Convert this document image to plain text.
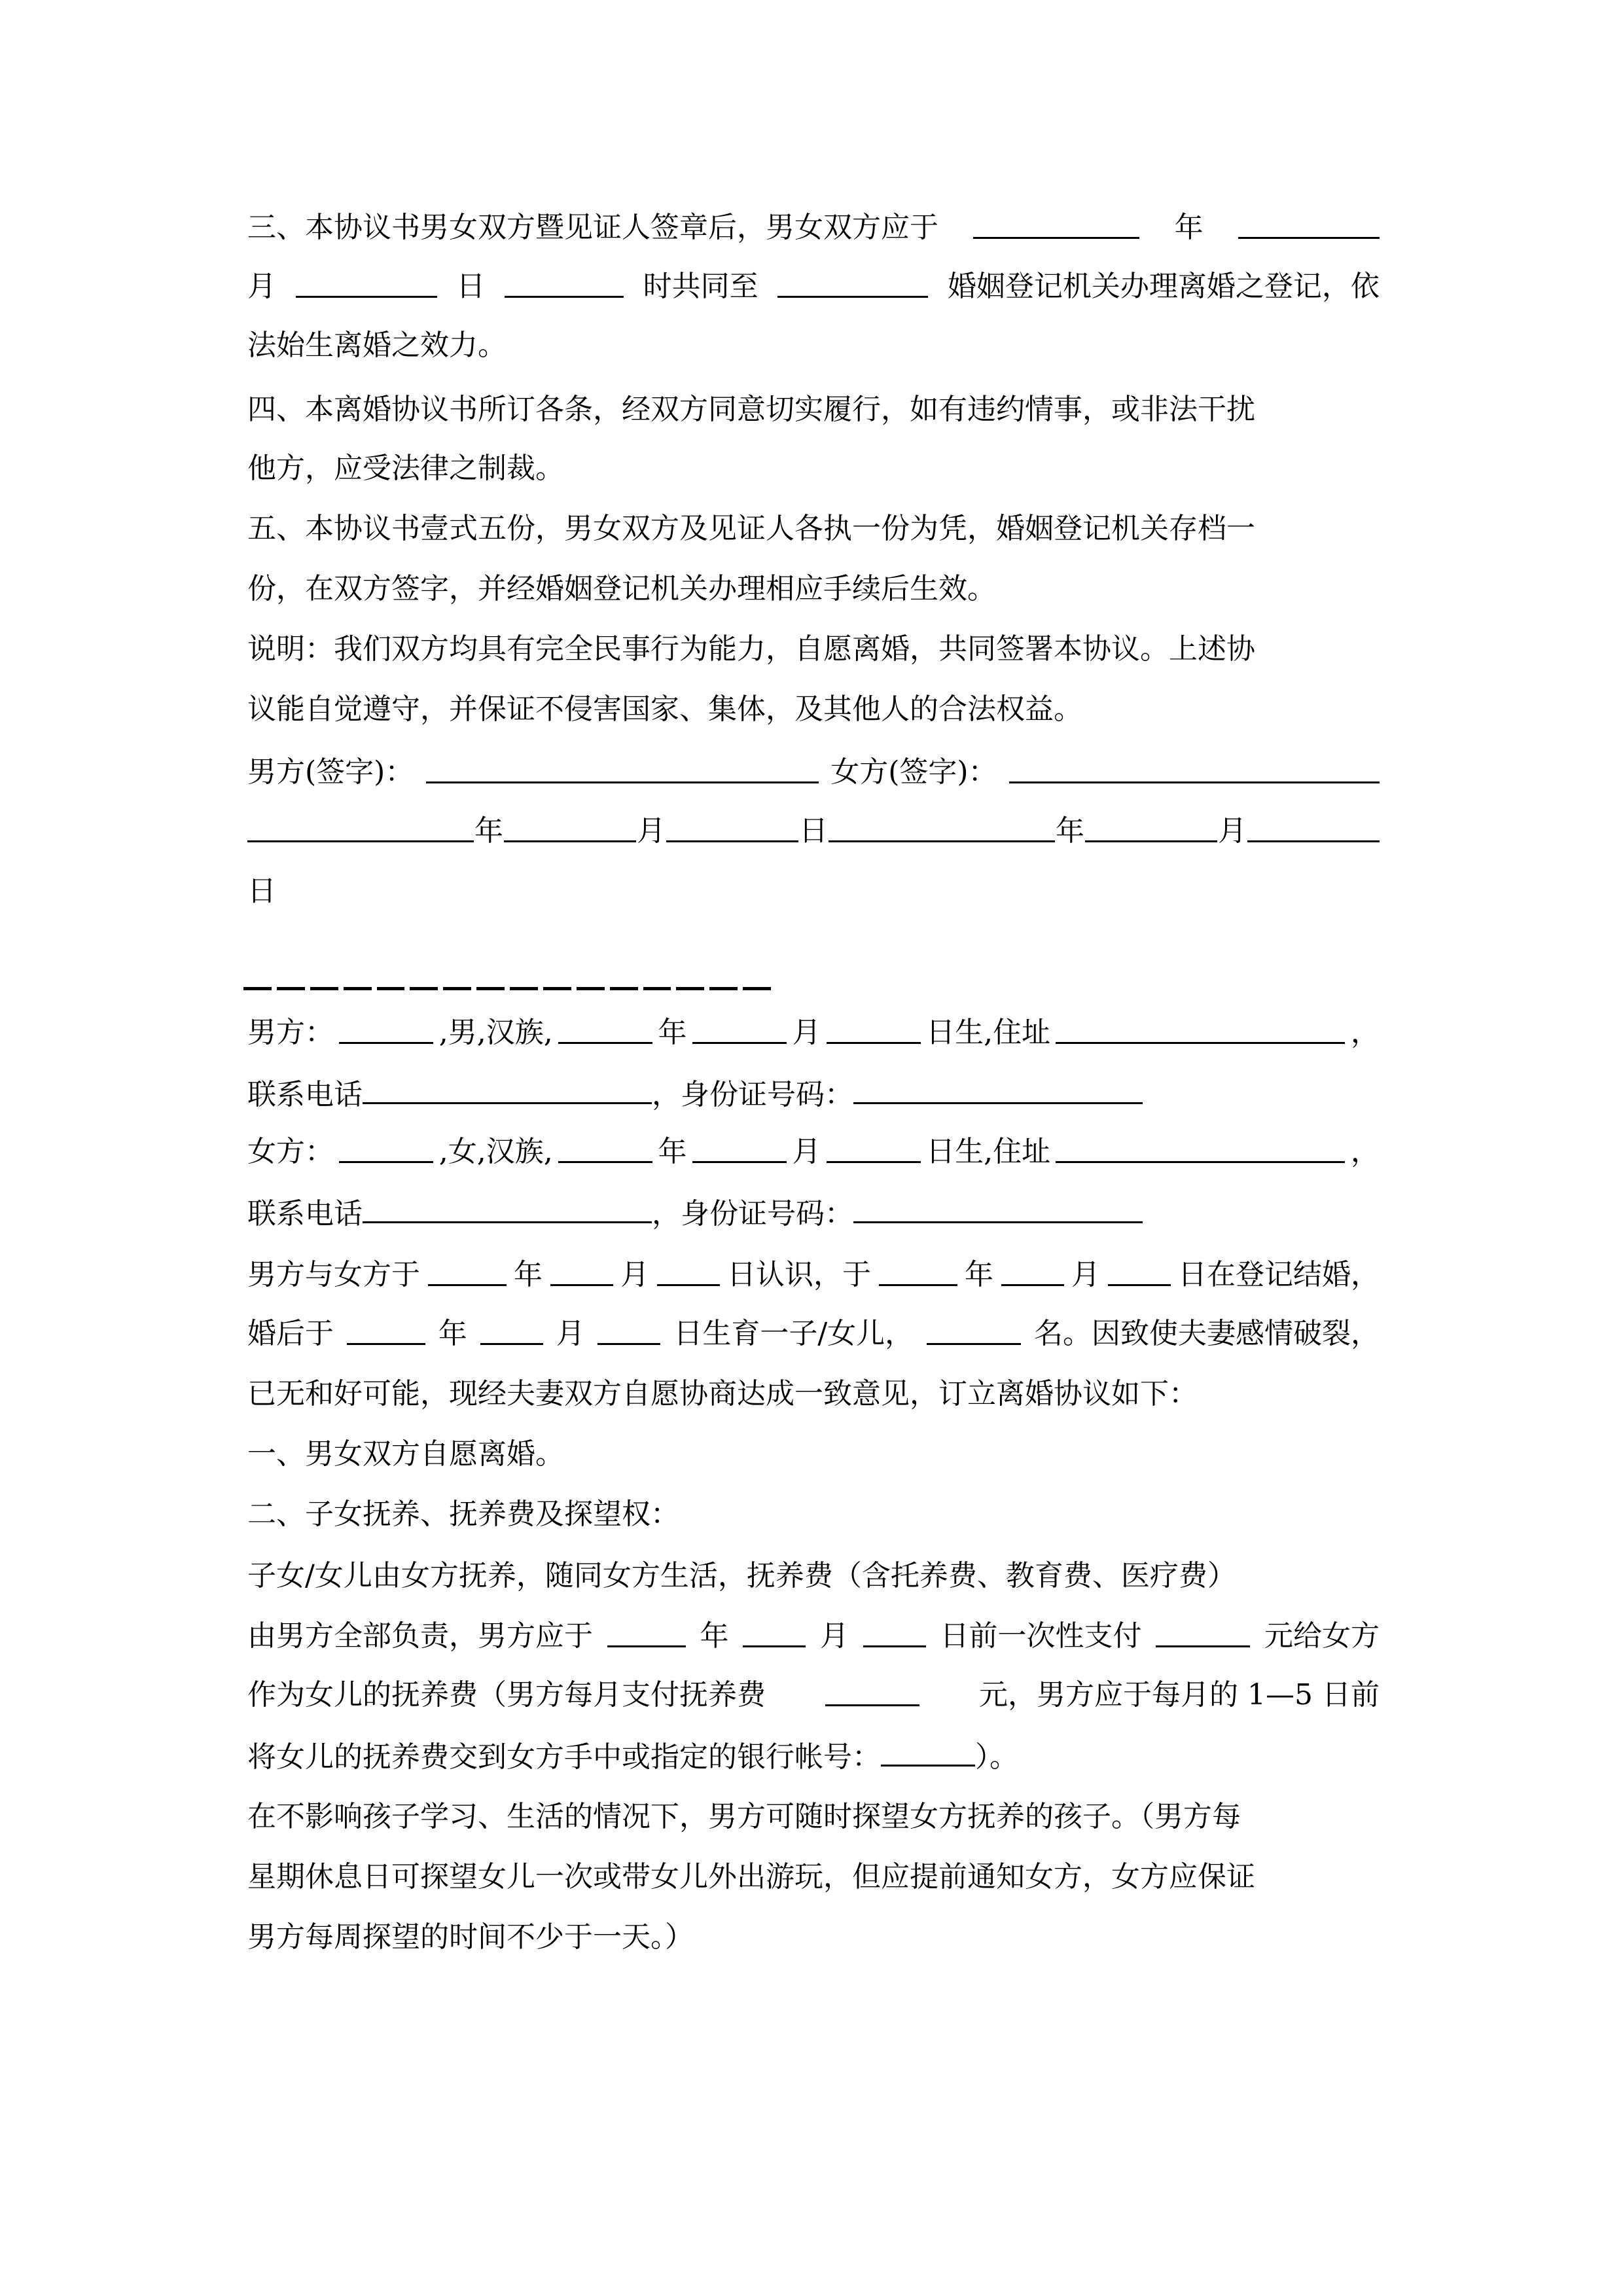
三、本协议书男女双方暨见证人签章后，男女双方应于	年
月	日	时共同至	婚姻登记机关办理离婚之登记，依
法始生离婚之效力。
四、本离婚协议书所订各条，经双方同意切实履行，如有违约情事，或非法干扰
他方，应受法律之制裁。
五、本协议书壹式五份，男女双方及见证人各执一份为凭，婚姻登记机关存档一
份，在双方签字，并经婚姻登记机关办理相应手续后生效。
说明：我们双方均具有完全民事行为能力，自愿离婚，共同签署本协议。上述协
议能自觉遵守，并保证不侵害国家、集体，及其他人的合法权益。
男方(签字)：	女方(签字)：
年	月	日	年	月
日
男方：	,男,汉族,	年	月	日生,住址	，
联系电话	，身份证号码：
女方：	,女,汉族,	年	月	日生,住址	，
联系电话	，身份证号码：
男方与女方于	年	月	日认识，于	年	月	日在登记结婚，
婚后于	年	月	日生育一子/女儿，	名。因致使夫妻感情破裂，
已无和好可能，现经夫妻双方自愿协商达成一致意见，订立离婚协议如下：
一、男女双方自愿离婚。
二、子女抚养、抚养费及探望权：
子女/女儿由女方抚养，随同女方生活，抚养费（含托养费、教育费、医疗费）
由男方全部负责，男方应于	年	月	日前一次性支付	元给女方
作为女儿的抚养费（男方每月支付抚养费	元，男方应于每月的 1—5 日前
将女儿的抚养费交到女方手中或指定的银行帐号：	）。
在不影响孩子学习、生活的情况下，男方可随时探望女方抚养的孩子。（男方每
星期休息日可探望女儿一次或带女儿外出游玩，但应提前通知女方，女方应保证
男方每周探望的时间不少于一天。）
